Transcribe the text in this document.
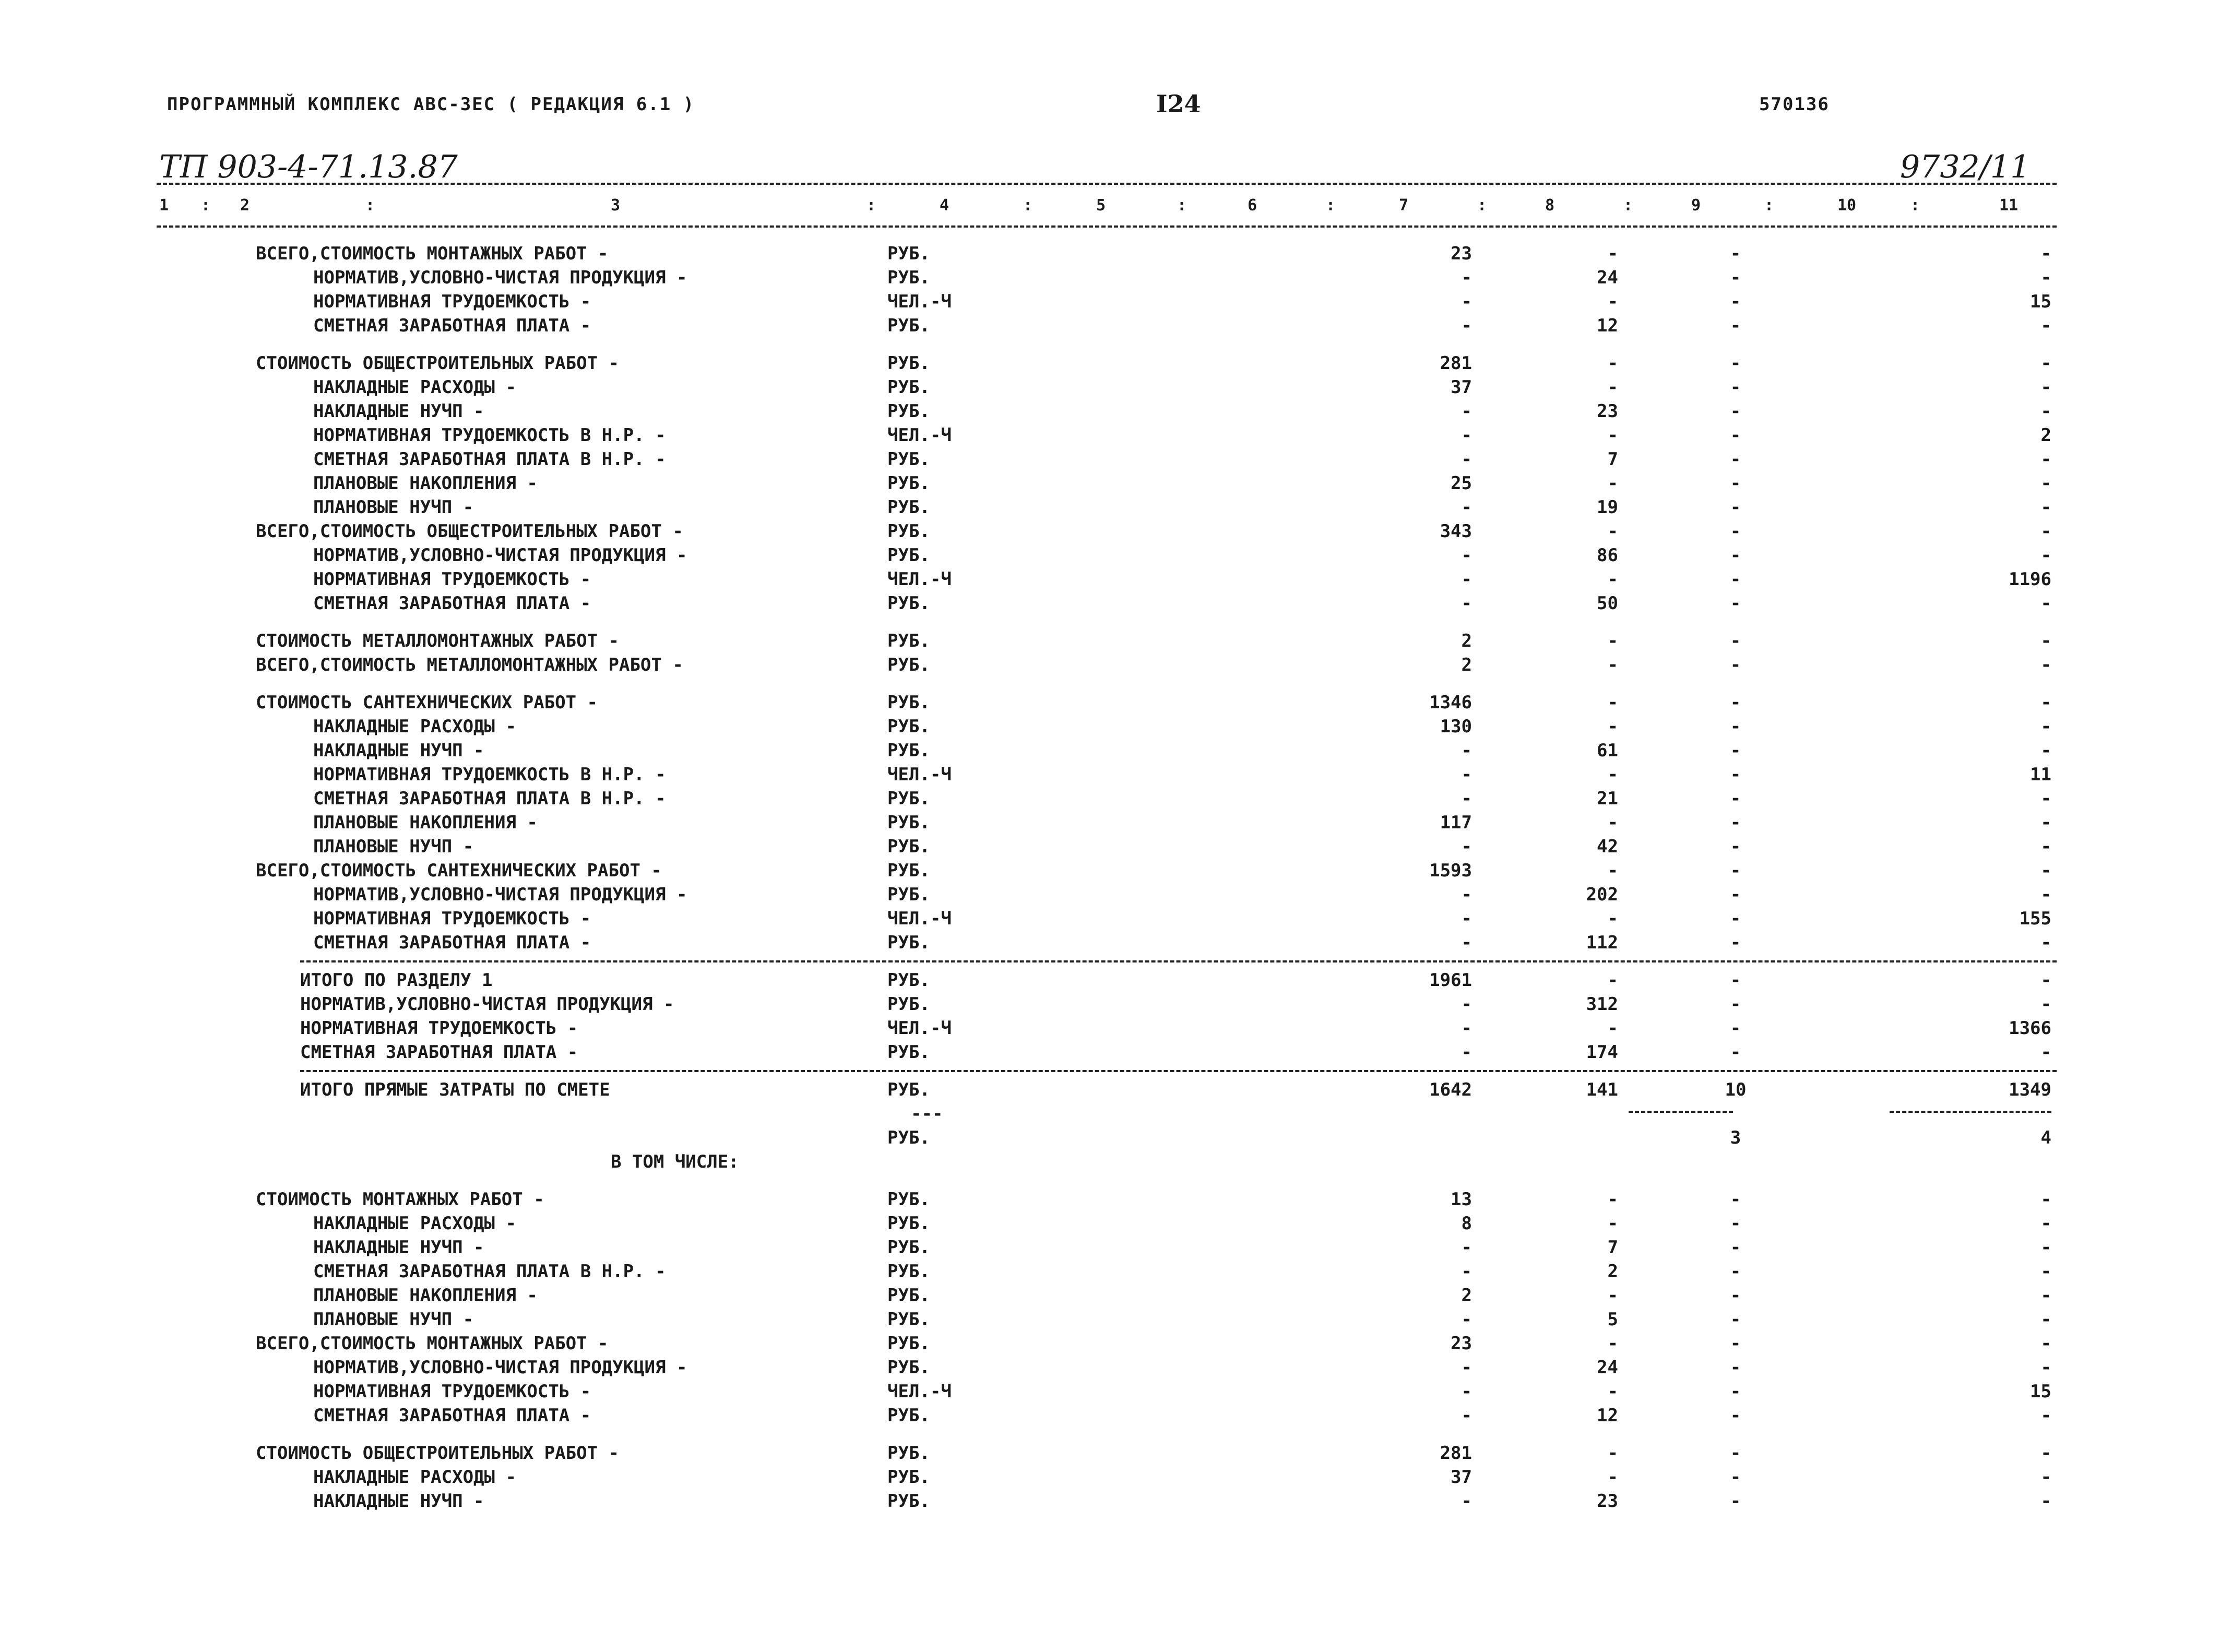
ПРОГРАММНЫЙ КОМПЛЕКС АВС-ЗЕС ( РЕДАКЦИЯ 6.1 )	I24	570136
ТП 903-4-71.13.87	9732/11
1 : 2	:	3	:	4	:	5	:	6	:	7	:	8	:	9	:	10	:	11
ВСЕГО,СТОИМОСТЬ МОНТАЖНЫХ РАБОТ -	РУБ.	23	-	-	-
НОРМАТИВ,УСЛОВНО-ЧИСТАЯ ПРОДУКЦИЯ -	РУБ.	-	24	-	-
НОРМАТИВНАЯ ТРУДОЕМКОСТЬ -	ЧЕЛ.-Ч	-	-	-	15
СМЕТНАЯ ЗАРАБОТНАЯ ПЛАТА -	РУБ.	-	12	-	-
СТОИМОСТЬ ОБЩЕСТРОИТЕЛЬНЫХ РАБОТ -	РУБ.	281	-	-	-
НАКЛАДНЫЕ РАСХОДЫ -	РУБ.	37	-	-	-
НАКЛАДНЫЕ НУЧП -	РУБ.	-	23	-	-
НОРМАТИВНАЯ ТРУДОЕМКОСТЬ В Н.Р. -	ЧЕЛ.-Ч	-	-	-	2
СМЕТНАЯ ЗАРАБОТНАЯ ПЛАТА В Н.Р. -	РУБ.	-	7	-	-
ПЛАНОВЫЕ НАКОПЛЕНИЯ -	РУБ.	25	-	-	-
ПЛАНОВЫЕ НУЧП -	РУБ.	-	19	-	-
ВСЕГО,СТОИМОСТЬ ОБЩЕСТРОИТЕЛЬНЫХ РАБОТ -	РУБ.	343	-	-	-
НОРМАТИВ,УСЛОВНО-ЧИСТАЯ ПРОДУКЦИЯ -	РУБ.	-	86	-	-
НОРМАТИВНАЯ ТРУДОЕМКОСТЬ -	ЧЕЛ.-Ч	-	-	-	1196
СМЕТНАЯ ЗАРАБОТНАЯ ПЛАТА -	РУБ.	-	50	-	-
СТОИМОСТЬ МЕТАЛЛОМОНТАЖНЫХ РАБОТ -	РУБ.	2	-	-	-
ВСЕГО,СТОИМОСТЬ МЕТАЛЛОМОНТАЖНЫХ РАБОТ -	РУБ.	2	-	-	-
СТОИМОСТЬ САНТЕХНИЧЕСКИХ РАБОТ -	РУБ.	1346	-	-	-
НАКЛАДНЫЕ РАСХОДЫ -	РУБ.	130	-	-	-
НАКЛАДНЫЕ НУЧП -	РУБ.	-	61	-	-
НОРМАТИВНАЯ ТРУДОЕМКОСТЬ В Н.Р. -	ЧЕЛ.-Ч	-	-	-	11
СМЕТНАЯ ЗАРАБОТНАЯ ПЛАТА В Н.Р. -	РУБ.	-	21	-	-
ПЛАНОВЫЕ НАКОПЛЕНИЯ -	РУБ.	117	-	-	-
ПЛАНОВЫЕ НУЧП -	РУБ.	-	42	-	-
ВСЕГО,СТОИМОСТЬ САНТЕХНИЧЕСКИХ РАБОТ -	РУБ.	1593	-	-	-
НОРМАТИВ,УСЛОВНО-ЧИСТАЯ ПРОДУКЦИЯ -	РУБ.	-	202	-	-
НОРМАТИВНАЯ ТРУДОЕМКОСТЬ -	ЧЕЛ.-Ч	-	-	-	155
СМЕТНАЯ ЗАРАБОТНАЯ ПЛАТА -	РУБ.	-	112	-	-
ИТОГО ПО РАЗДЕЛУ 1	РУБ.	1961	-	-	-
НОРМАТИВ,УСЛОВНО-ЧИСТАЯ ПРОДУКЦИЯ -	РУБ.	-	312	-	-
НОРМАТИВНАЯ ТРУДОЕМКОСТЬ -	ЧЕЛ.-Ч	-	-	-	1366
СМЕТНАЯ ЗАРАБОТНАЯ ПЛАТА -	РУБ.	-	174	-	-
ИТОГО ПРЯМЫЕ ЗАТРАТЫ ПО СМЕТЕ	РУБ.	1642	141	10	1349
---
РУБ.	3	4
В ТОМ ЧИСЛЕ:
СТОИМОСТЬ МОНТАЖНЫХ РАБОТ -	РУБ.	13	-	-	-
НАКЛАДНЫЕ РАСХОДЫ -	РУБ.	8	-	-	-
НАКЛАДНЫЕ НУЧП -	РУБ.	-	7	-	-
СМЕТНАЯ ЗАРАБОТНАЯ ПЛАТА В Н.Р. -	РУБ.	-	2	-	-
ПЛАНОВЫЕ НАКОПЛЕНИЯ -	РУБ.	2	-	-	-
ПЛАНОВЫЕ НУЧП -	РУБ.	-	5	-	-
ВСЕГО,СТОИМОСТЬ МОНТАЖНЫХ РАБОТ -	РУБ.	23	-	-	-
НОРМАТИВ,УСЛОВНО-ЧИСТАЯ ПРОДУКЦИЯ -	РУБ.	-	24	-	-
НОРМАТИВНАЯ ТРУДОЕМКОСТЬ -	ЧЕЛ.-Ч	-	-	-	15
СМЕТНАЯ ЗАРАБОТНАЯ ПЛАТА -	РУБ.	-	12	-	-
СТОИМОСТЬ ОБЩЕСТРОИТЕЛЬНЫХ РАБОТ -	РУБ.	281	-	-	-
НАКЛАДНЫЕ РАСХОДЫ -	РУБ.	37	-	-	-
НАКЛАДНЫЕ НУЧП -	РУБ.	-	23	-	-
